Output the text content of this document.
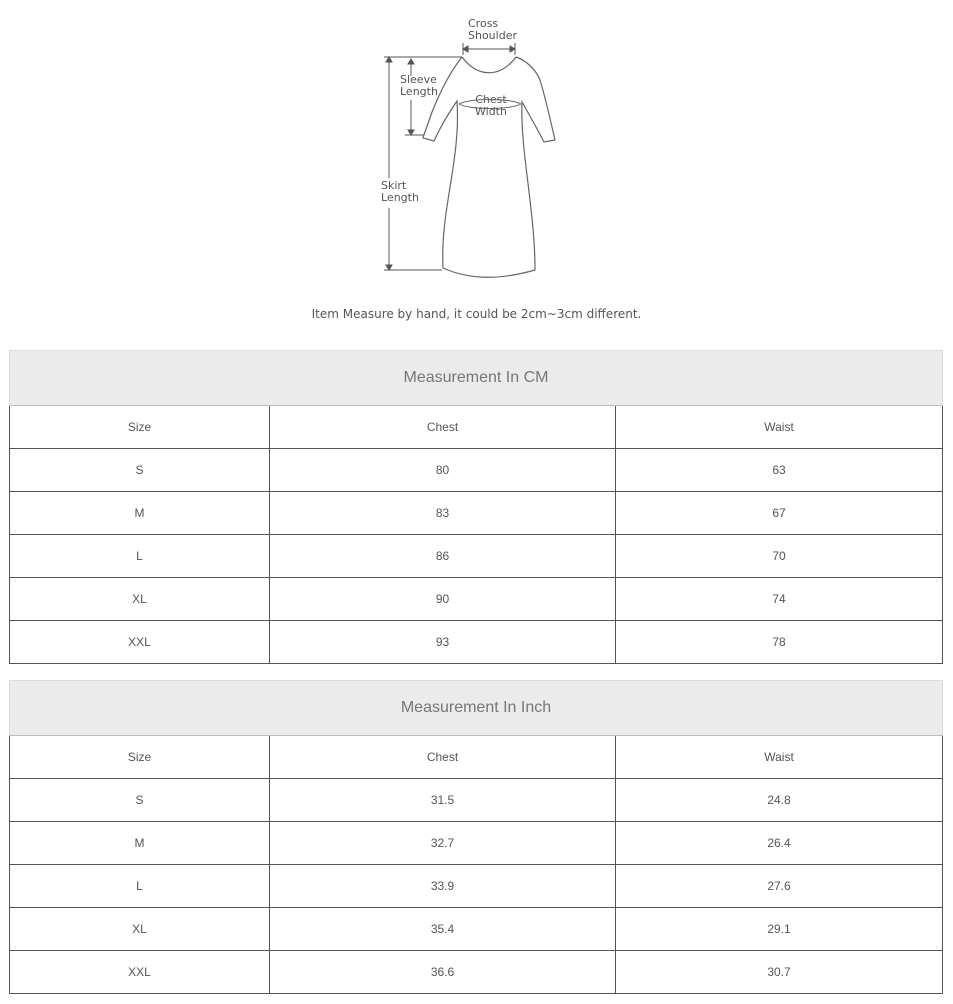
Cross
Shoulder
Sleeve
Length
Chest
Width
Skirt
Length
Item Measure by hand, it could be 2cm~3cm different.
Measurement In CM		
Size	Chest	Waist
S	80	63
M	83	67
L	86	70
XL	90	74
XXL	93	78
Measurement In Inch		
Size	Chest	Waist
S	31.5	24.8
M	32.7	26.4
L	33.9	27.6
XL	35.4	29.1
XXL	36.6	30.7
